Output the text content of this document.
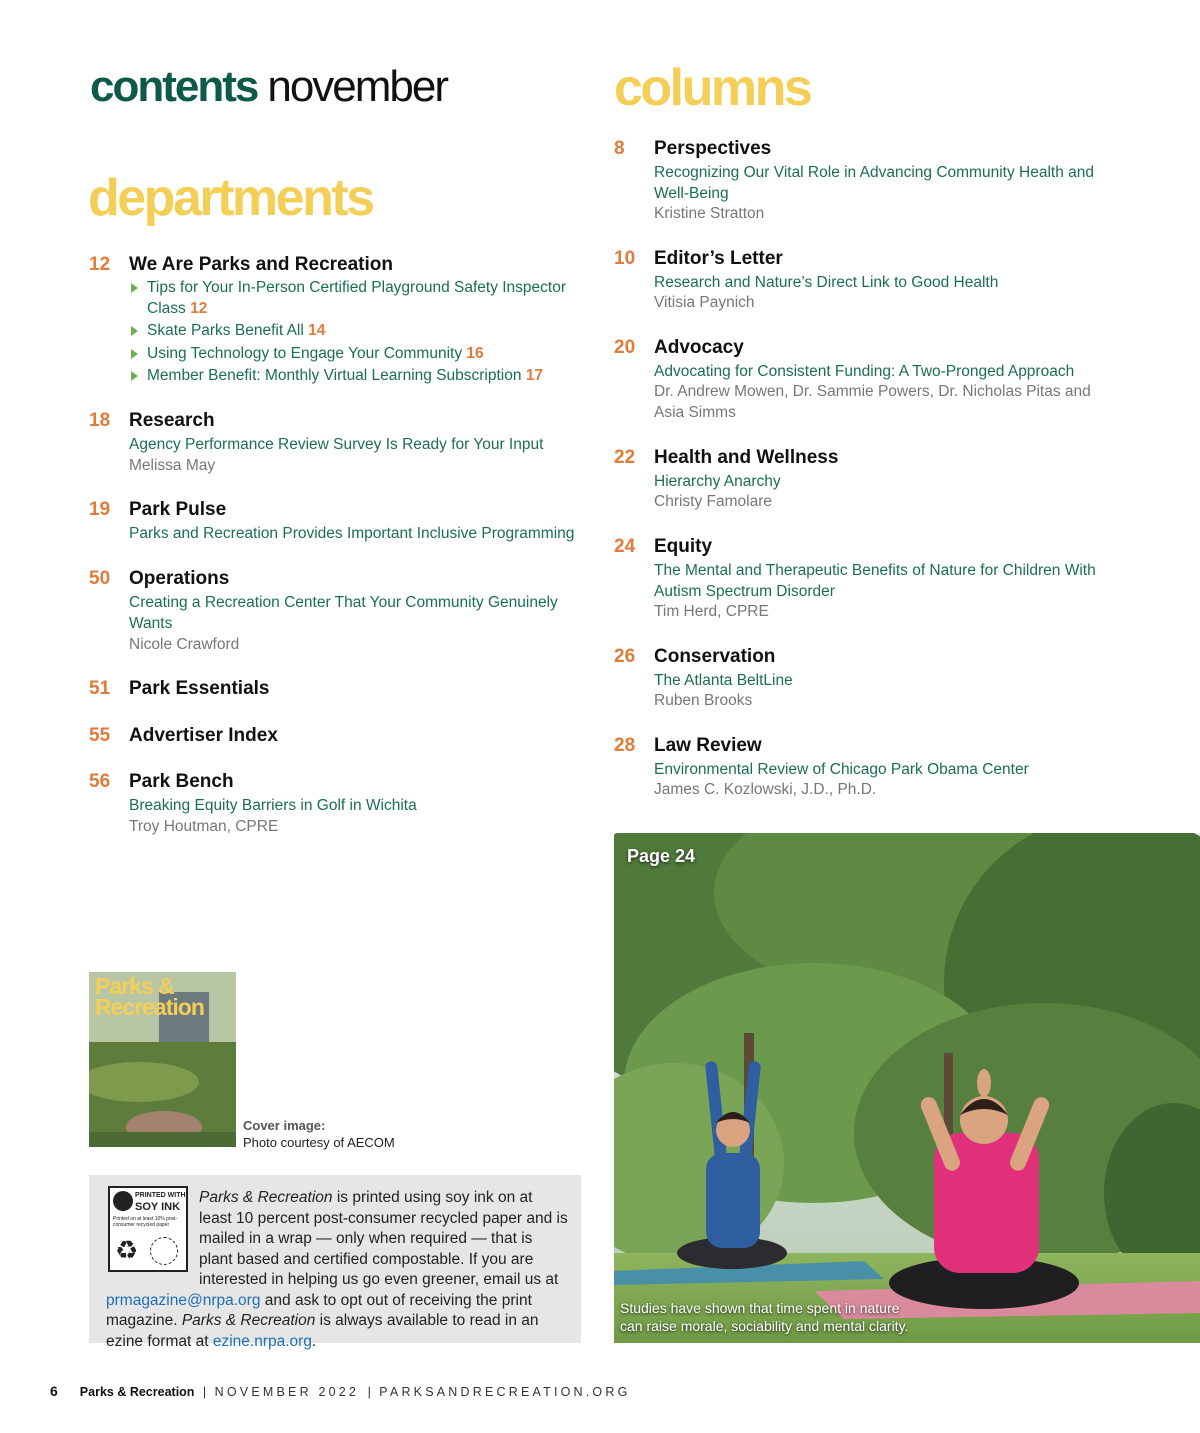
contents november
departments
12 We Are Parks and Recreation
Tips for Your In-Person Certified Playground Safety Inspector Class 12
Skate Parks Benefit All 14
Using Technology to Engage Your Community 16
Member Benefit: Monthly Virtual Learning Subscription 17
18 Research
Agency Performance Review Survey Is Ready for Your Input
Melissa May
19 Park Pulse
Parks and Recreation Provides Important Inclusive Programming
50 Operations
Creating a Recreation Center That Your Community Genuinely Wants
Nicole Crawford
51 Park Essentials
55 Advertiser Index
56 Park Bench
Breaking Equity Barriers in Golf in Wichita
Troy Houtman, CPRE
columns
8 Perspectives
Recognizing Our Vital Role in Advancing Community Health and Well-Being
Kristine Stratton
10 Editor’s Letter
Research and Nature’s Direct Link to Good Health
Vitisia Paynich
20 Advocacy
Advocating for Consistent Funding: A Two-Pronged Approach
Dr. Andrew Mowen, Dr. Sammie Powers, Dr. Nicholas Pitas and Asia Simms
22 Health and Wellness
Hierarchy Anarchy
Christy Famolare
24 Equity
The Mental and Therapeutic Benefits of Nature for Children With Autism Spectrum Disorder
Tim Herd, CPRE
26 Conservation
The Atlanta BeltLine
Ruben Brooks
28 Law Review
Environmental Review of Chicago Park Obama Center
James C. Kozlowski, J.D., Ph.D.
Page 24
Studies have shown that time spent in nature
can raise morale, sociability and mental clarity.
Parks &
Recreation
Cover image:
Photo courtesy of AECOM
PRINTED WITH
SOY INK
Printed on at least 10% post-consumer recycled paper
♻
Parks & Recreation is printed using soy ink on at least 10 percent post-consumer recycled paper and is mailed in a wrap — only when required — that is plant based and certified compostable. If you are interested in helping us go even greener, email us at prmagazine@nrpa.org and ask to opt out of receiving the print magazine. Parks & Recreation is always available to read in an ezine format at ezine.nrpa.org.
6 Parks & Recreation | NOVEMBER 2022 | PARKSANDRECREATION.ORG
